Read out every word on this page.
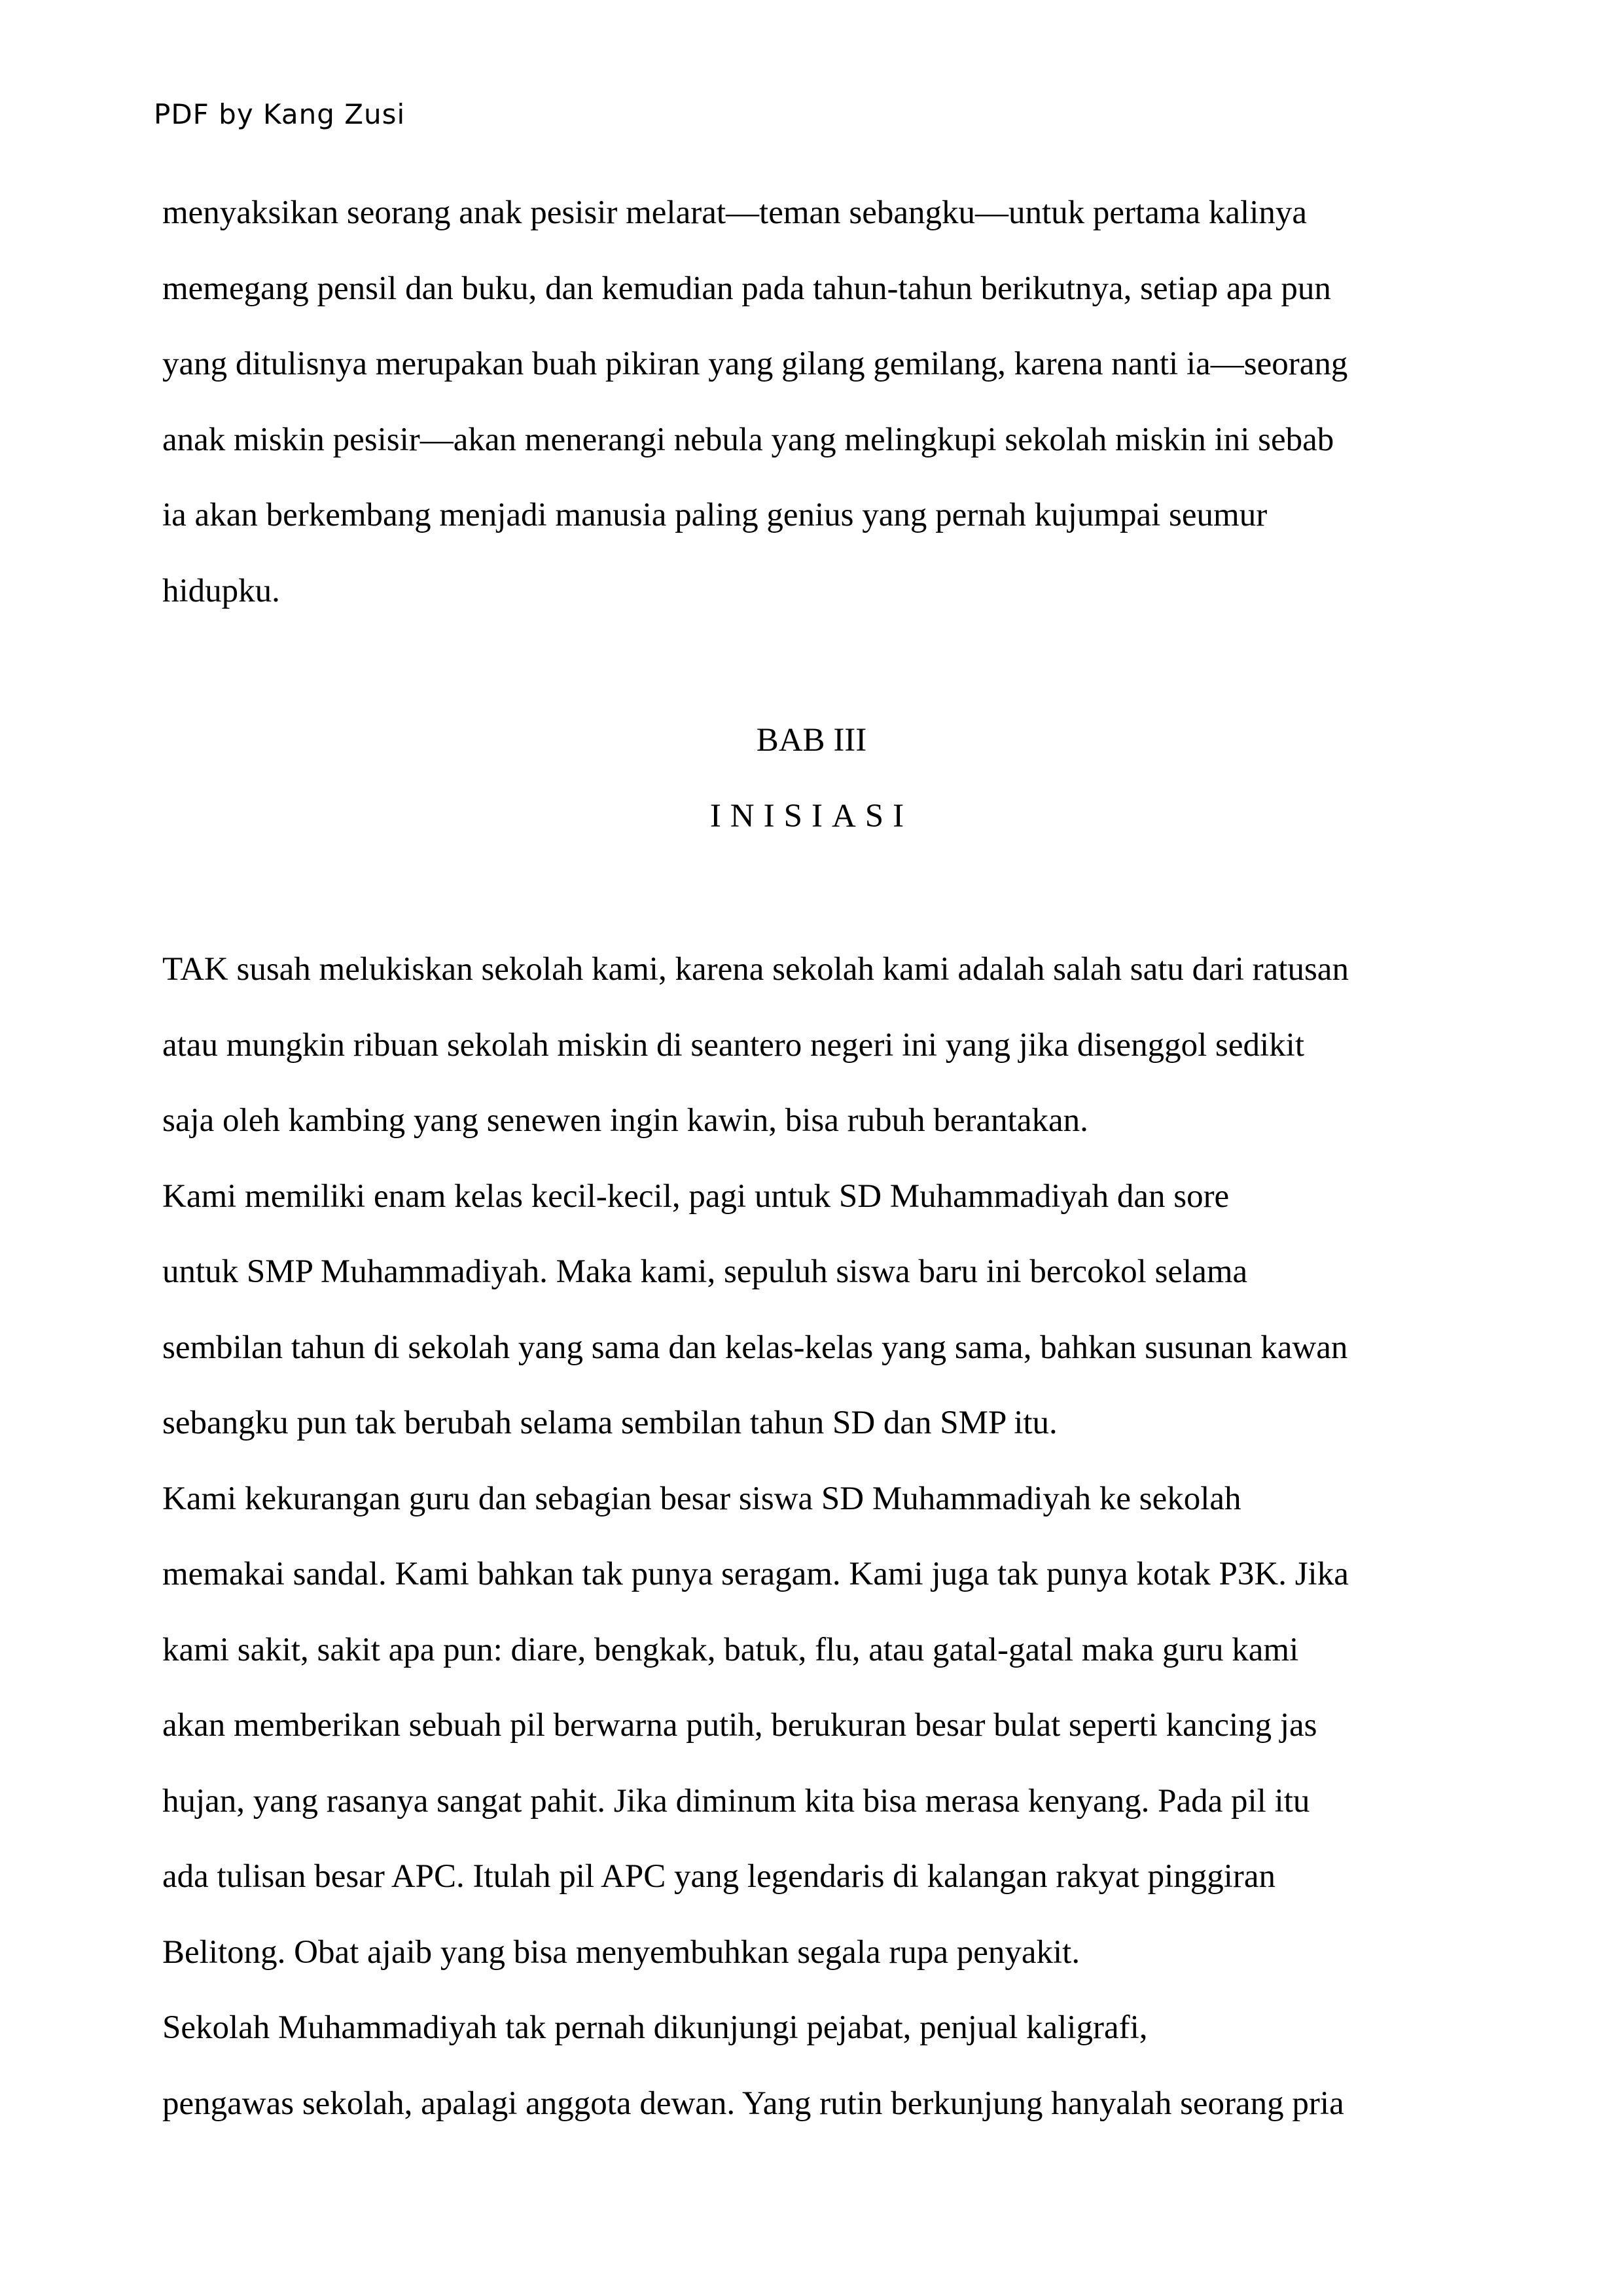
PDF by Kang Zusi
menyaksikan seorang anak pesisir melarat—teman sebangku—untuk pertama kalinya
memegang pensil dan buku, dan kemudian pada tahun-tahun berikutnya, setiap apa pun
yang ditulisnya merupakan buah pikiran yang gilang gemilang, karena nanti ia—seorang
anak miskin pesisir—akan menerangi nebula yang melingkupi sekolah miskin ini sebab
ia akan berkembang menjadi manusia paling genius yang pernah kujumpai seumur
hidupku.
BAB III
INISIASI
TAK susah melukiskan sekolah kami, karena sekolah kami adalah salah satu dari ratusan
atau mungkin ribuan sekolah miskin di seantero negeri ini yang jika disenggol sedikit
saja oleh kambing yang senewen ingin kawin, bisa rubuh berantakan.
Kami memiliki enam kelas kecil-kecil, pagi untuk SD Muhammadiyah dan sore
untuk SMP Muhammadiyah. Maka kami, sepuluh siswa baru ini bercokol selama
sembilan tahun di sekolah yang sama dan kelas-kelas yang sama, bahkan susunan kawan
sebangku pun tak berubah selama sembilan tahun SD dan SMP itu.
Kami kekurangan guru dan sebagian besar siswa SD Muhammadiyah ke sekolah
memakai sandal. Kami bahkan tak punya seragam. Kami juga tak punya kotak P3K. Jika
kami sakit, sakit apa pun: diare, bengkak, batuk, flu, atau gatal-gatal maka guru kami
akan memberikan sebuah pil berwarna putih, berukuran besar bulat seperti kancing jas
hujan, yang rasanya sangat pahit. Jika diminum kita bisa merasa kenyang. Pada pil itu
ada tulisan besar APC. Itulah pil APC yang legendaris di kalangan rakyat pinggiran
Belitong. Obat ajaib yang bisa menyembuhkan segala rupa penyakit.
Sekolah Muhammadiyah tak pernah dikunjungi pejabat, penjual kaligrafi,
pengawas sekolah, apalagi anggota dewan. Yang rutin berkunjung hanyalah seorang pria
